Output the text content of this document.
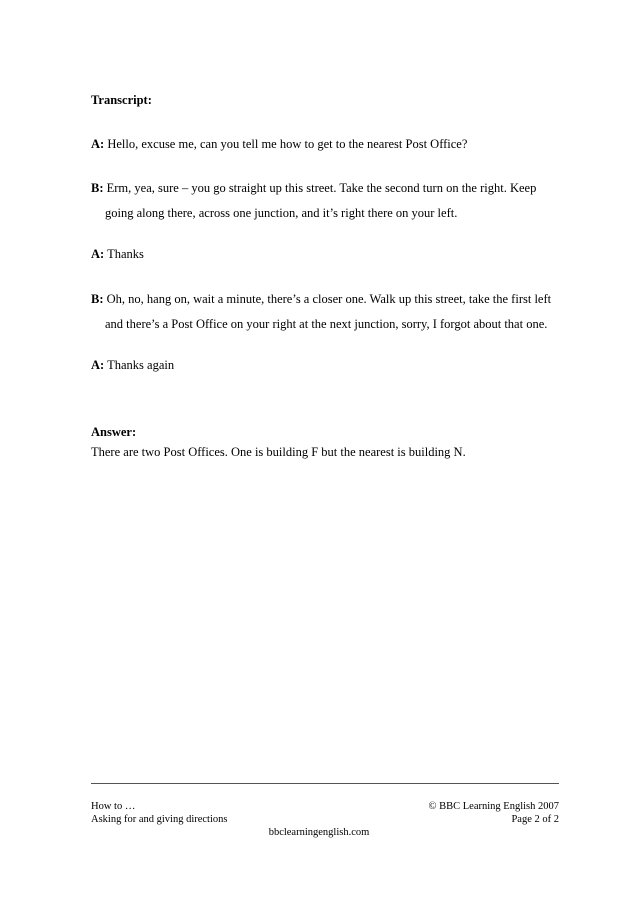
Transcript:
A: Hello, excuse me, can you tell me how to get to the nearest Post Office?
B: Erm, yea, sure – you go straight up this street. Take the second turn on the right. Keep
going along there, across one junction, and it’s right there on your left.
A: Thanks
B: Oh, no, hang on, wait a minute, there’s a closer one. Walk up this street, take the first left
and there’s a Post Office on your right at the next junction, sorry, I forgot about that one.
A: Thanks again
Answer:
There are two Post Offices. One is building F but the nearest is building N.
How to …
Asking for and giving directions
© BBC Learning English 2007
Page 2 of 2
bbclearningenglish.com
